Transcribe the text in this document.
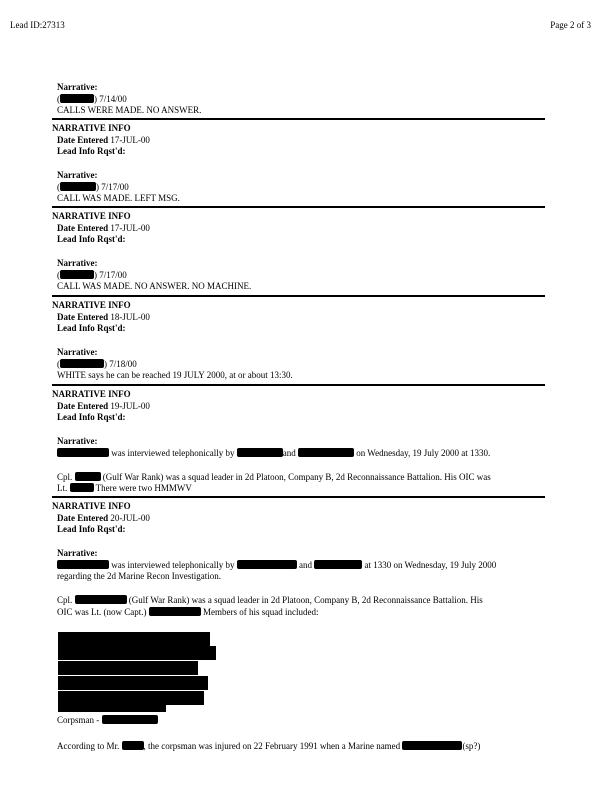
Lead ID:27313	Page 2 of 3
Narrative:
(	) 7/14/00
CALLS WERE MADE. NO ANSWER.
NARRATIVE INFO
Date Entered 17-JUL-00
Lead Info Rqst'd:
Narrative:
(	) 7/17/00
CALL WAS MADE. LEFT MSG.
NARRATIVE INFO
Date Entered 17-JUL-00
Lead Info Rqst'd:
Narrative:
(	) 7/17/00
CALL WAS MADE. NO ANSWER. NO MACHINE.
NARRATIVE INFO
Date Entered 18-JUL-00
Lead Info Rqst'd:
Narrative:
(	) 7/18/00
WHITE says he can be reached 19 JULY 2000, at or about 13:30.
NARRATIVE INFO
Date Entered 19-JUL-00
Lead Info Rqst'd:
Narrative:
was interviewed telephonically by	and	on Wednesday, 19 July 2000 at 1330.
Cpl.	(Gulf War Rank) was a squad leader in 2d Platoon, Company B, 2d Reconnaissance Battalion. His OIC was
Lt.	There were two HMMWV
NARRATIVE INFO
Date Entered 20-JUL-00
Lead Info Rqst'd:
Narrative:
was interviewed telephonically by	and	at 1330 on Wednesday, 19 July 2000
regarding the 2d Marine Recon Investigation.
Cpl.	(Gulf War Rank) was a squad leader in 2d Platoon, Company B, 2d Reconnaissance Battalion. His
OIC was Lt. (now Capt.)	Members of his squad included:
Corpsman -
According to Mr.	, the corpsman was injured on 22 February 1991 when a Marine named	(sp?)
